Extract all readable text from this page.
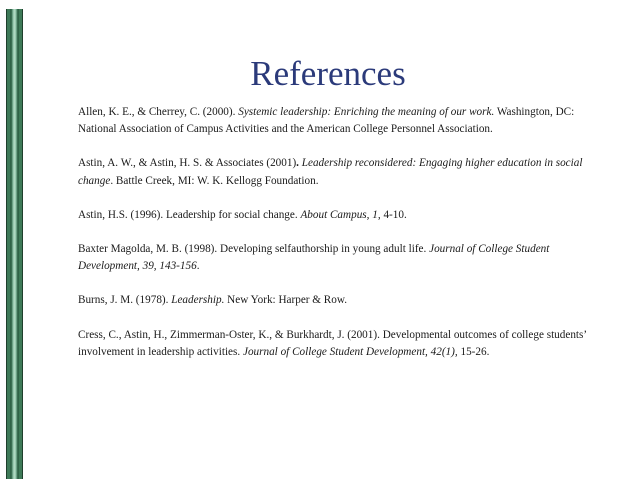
References

Allen, K. E., & Cherrey, C. (2000). Systemic leadership: Enriching the meaning of our work. Washington, DC: National Association of Campus Activities and the American College Personnel Association.

Astin, A. W., & Astin, H. S. & Associates (2001). Leadership reconsidered: Engaging higher education in social change. Battle Creek, MI: W. K. Kellogg Foundation.

Astin, H.S. (1996). Leadership for social change. About Campus, 1, 4-10.

Baxter Magolda, M. B. (1998). Developing selfauthorship in young adult life. Journal of College Student Development, 39, 143-156.

Burns, J. M. (1978). Leadership. New York: Harper & Row.

Cress, C., Astin, H., Zimmerman-Oster, K., & Burkhardt, J. (2001). Developmental outcomes of college students’ involvement in leadership activities. Journal of College Student Development, 42(1), 15-26.
